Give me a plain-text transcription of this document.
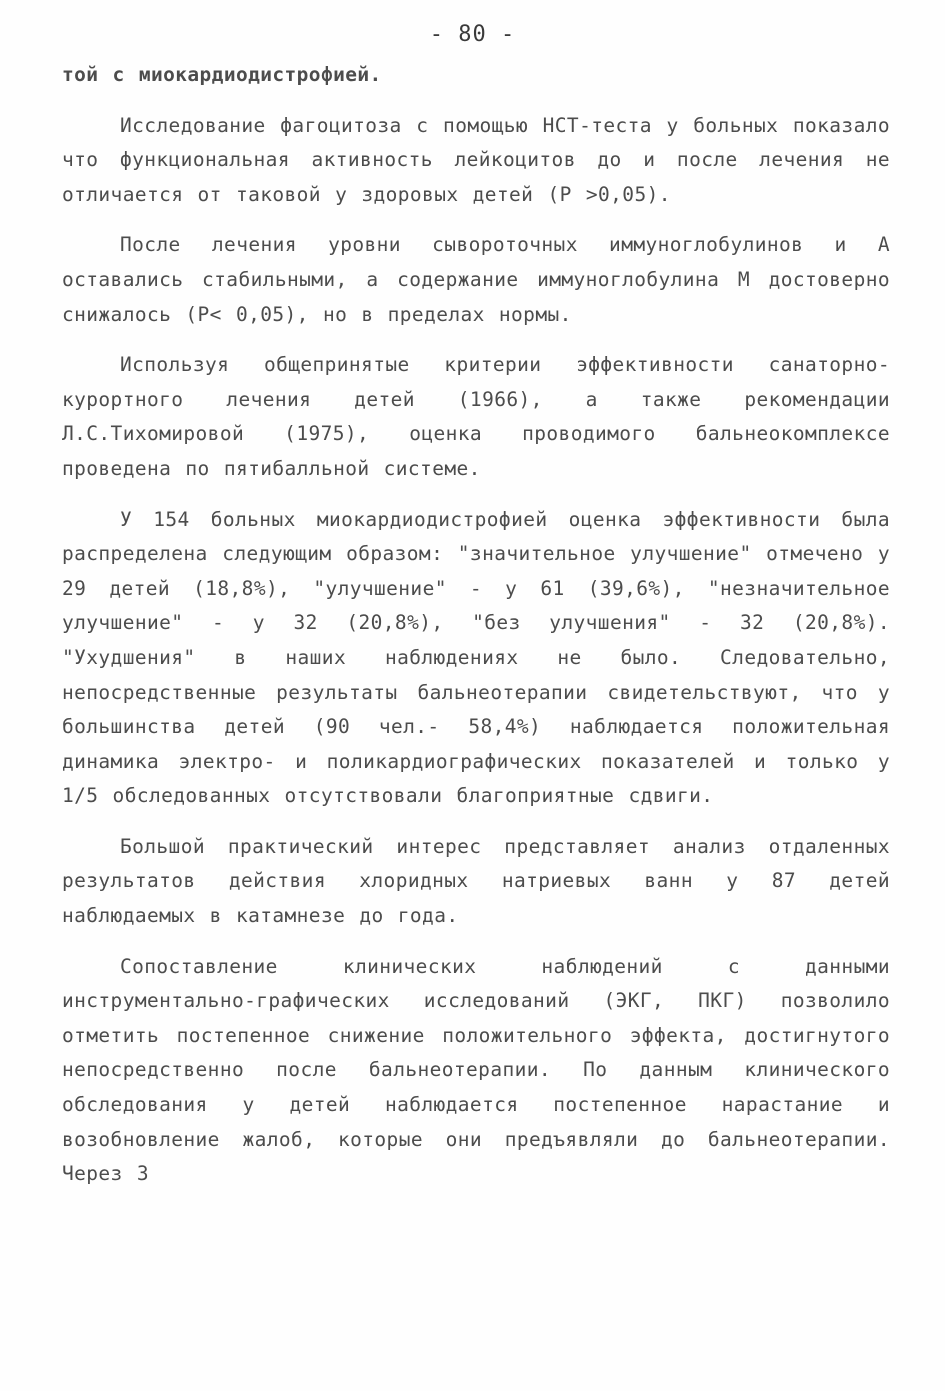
- 80 -

той с миокардиодистрофией.

Исследование фагоцитоза с помощью НСТ-теста у больных показало что функциональная активность лейкоцитов до и после лечения не отличается от таковой у здоровых детей (Р >0,05).

После лечения уровни сывороточных иммуноглобулинов и А оставались стабильными, а содержание иммуноглобулина М достоверно снижалось (Р< 0,05), но в пределах нормы.

Используя общепринятые критерии эффективности санаторно-курортного лечения детей (1966), а также рекомендации Л.С.Тихомировой (1975), оценка проводимого бальнеокомплексе проведена по пятибалльной системе.

У 154 больных миокардиодистрофией оценка эффективности была распределена следующим образом: "значительное улучшение" отмечено у 29 детей (18,8%), "улучшение" - у 61 (39,6%), "незначительное улучшение" - у 32 (20,8%), "без улучшения" - 32 (20,8%). "Ухудшения" в наших наблюдениях не было. Следовательно, непосредственные результаты бальнеотерапии свидетельствуют, что у большинства детей (90 чел.- 58,4%) наблюдается положительная динамика электро- и поликардиографических показателей и только у 1/5 обследованных отсутствовали благоприятные сдвиги.

Большой практический интерес представляет анализ отдаленных результатов действия хлоридных натриевых ванн у 87 детей наблюдаемых в катамнезе до года.

Сопоставление клинических наблюдений с данными инструментально-графических исследований (ЭКГ, ПКГ) позволило отметить постепенное снижение положительного эффекта, достигнутого непосредственно после бальнеотерапии. По данным клинического обследования у детей наблюдается постепенное нарастание и возобновление жалоб, которые они предъявляли до бальнеотерапии. Через 3
